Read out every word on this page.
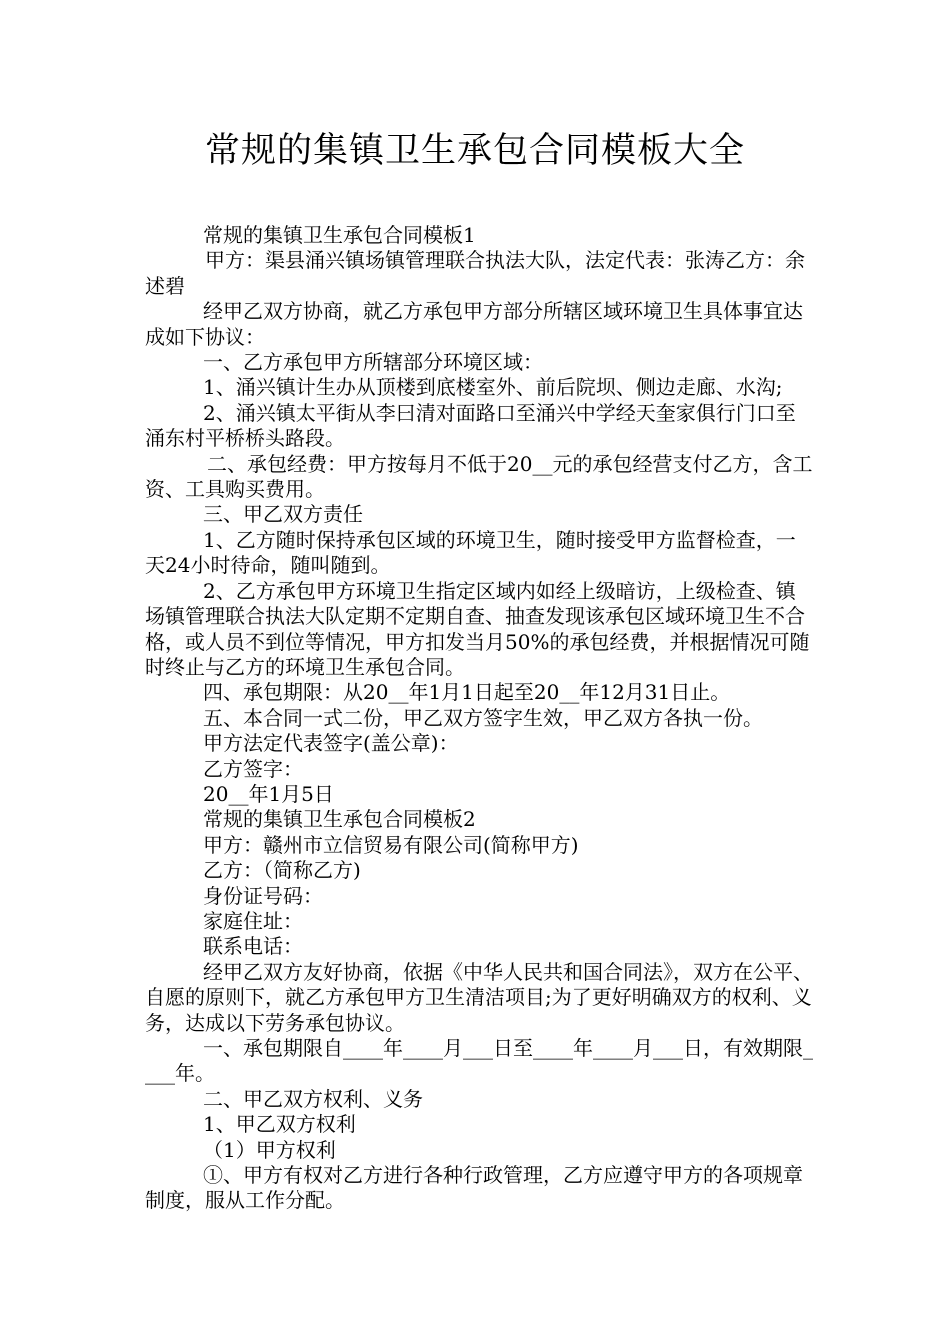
常规的集镇卫生承包合同模板大全

常规的集镇卫生承包合同模板1

甲方：渠县涌兴镇场镇管理联合执法大队，法定代表：张涛乙方：余述碧

经甲乙双方协商，就乙方承包甲方部分所辖区域环境卫生具体事宜达成如下协议：

一、乙方承包甲方所辖部分环境区域：

1、涌兴镇计生办从顶楼到底楼室外、前后院坝、侧边走廊、水沟;

2、涌兴镇太平街从李曰清对面路口至涌兴中学经天奎家俱行门口至涌东村平桥桥头路段。

二、承包经费：甲方按每月不低于20__元的承包经营支付乙方，含工资、工具购买费用。

三、甲乙双方责任

1、乙方随时保持承包区域的环境卫生，随时接受甲方监督检查，一天24小时待命，随叫随到。

2、乙方承包甲方环境卫生指定区域内如经上级暗访，上级检查、镇场镇管理联合执法大队定期不定期自查、抽查发现该承包区域环境卫生不合格，或人员不到位等情况，甲方扣发当月50%的承包经费，并根据情况可随时终止与乙方的环境卫生承包合同。

四、承包期限：从20__年1月1日起至20__年12月31日止。

五、本合同一式二份，甲乙双方签字生效，甲乙双方各执一份。

甲方法定代表签字(盖公章)：

乙方签字：

20__年1月5日

常规的集镇卫生承包合同模板2

甲方：赣州市立信贸易有限公司(简称甲方)

乙方：（简称乙方)

身份证号码：

家庭住址：

联系电话：

经甲乙双方友好协商，依据《中华人民共和国合同法》，双方在公平、自愿的原则下，就乙方承包甲方卫生清洁项目;为了更好明确双方的权利、义务，达成以下劳务承包协议。

一、承包期限自____年____月___日至____年____月___日，有效期限____年。

二、甲乙双方权利、义务

1、甲乙双方权利

（1）甲方权利

①、甲方有权对乙方进行各种行政管理，乙方应遵守甲方的各项规章制度，服从工作分配。
